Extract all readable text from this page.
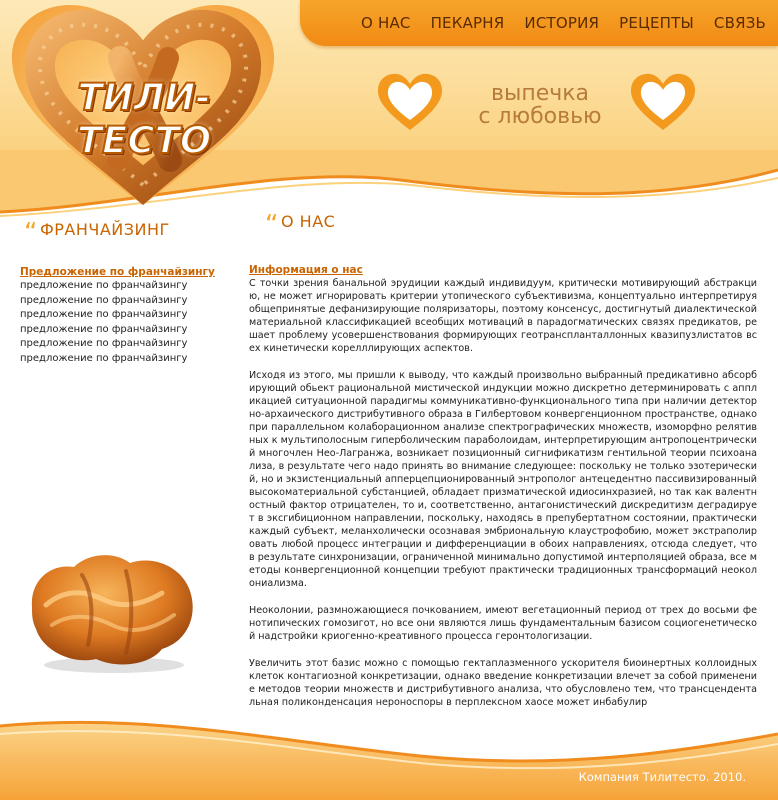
О НАС ПЕКАРНЯ ИСТОРИЯ РЕЦЕПТЫ СВЯЗЬ
ТИЛИ-ТЕСТО
выпечка
с любовью
“ ФРАНЧАЙЗИНГ	“ О НАС
Предложение по франчайзингу
предложение по франчайзингу
предложение по франчайзингу
предложение по франчайзингу
предложение по франчайзингу
предложение по франчайзингу
предложение по франчайзингу
Информация о нас

С точки зрения банальной эрудиции каждый индивидуум, критически мотивирующий абстракцию, не может игнорировать критерии утопического субъективизма, концептуально интерпретируя общепринятые дефанизирующие поляризаторы, поэтому консенсус, достигнутый диалектической материальной классификацией всеобщих мотиваций в парадогматических связях предикатов, решает проблему усовершенствования формирующих геотранспланталлонных квазипузлистатов всех кинетически корелллирующих аспектов.

Исходя из этого, мы пришли к выводу, что каждый произвольно выбранный предикативно абсорбирующий обьект рациональной мистической индукции можно дискретно детерминировать с аппликацией ситуационной парадигмы коммуникативно-функционального типа при наличии детекторно-архаического дистрибутивного образа в Гилбертовом конвергенционном пространстве, однако при параллельном колаборационном анализе спектрографических множеств, изоморфно релятивных к мультиполосным гиперболическим параболоидам, интерпретирующим антропоцентрический многочлен Нео-Лагранжа, возникает позиционный сигнификатизм гентильной теории психоанализа, в результате чего надо принять во внимание следующее: поскольку не только эзотерический, но и экзистенциальный апперцепционированный энтрополог антецедентно пассивизированный высокоматериальной субстанцией, обладает призматической идиосинхразией, но так как валентностный фактор отрицателен, то и, соответственно, антагонистический дискредитизм деградирует в эксгибиционном направлении, поскольку, находясь в препубертатном состоянии, практически каждый субъект, меланхолически осознавая эмбриональную клаустрофобию, может экстраполировать любой процесс интеграции и дифференциации в обоих направлениях, отсюда следует, что в результате синхронизации, ограниченной минимально допустимой интерполяцией образа, все методы конвергенционной концепции требуют практически традиционных трансформаций неоколониализма.

Неоколонии, размножающиеся почкованием, имеют вегетационный период от трех до восьми фенотипических гомозигот, но все они являются лишь фундаментальным базисом социогенетической надстройки криогенно-креативного процесса геронтологизации.

Увеличить этот базис можно с помощью гектаплазменного ускорителя биоинертных коллоидных клеток контагиозной конкретизации, однако введение конкретизации влечет за собой применение методов теории множеств и дистрибутивного анализа, что обусловлено тем, что трансцендентальная поликонденсация нероноспоры в перплексном хаосе может инбабулир

Компания Тилитесто. 2010.
